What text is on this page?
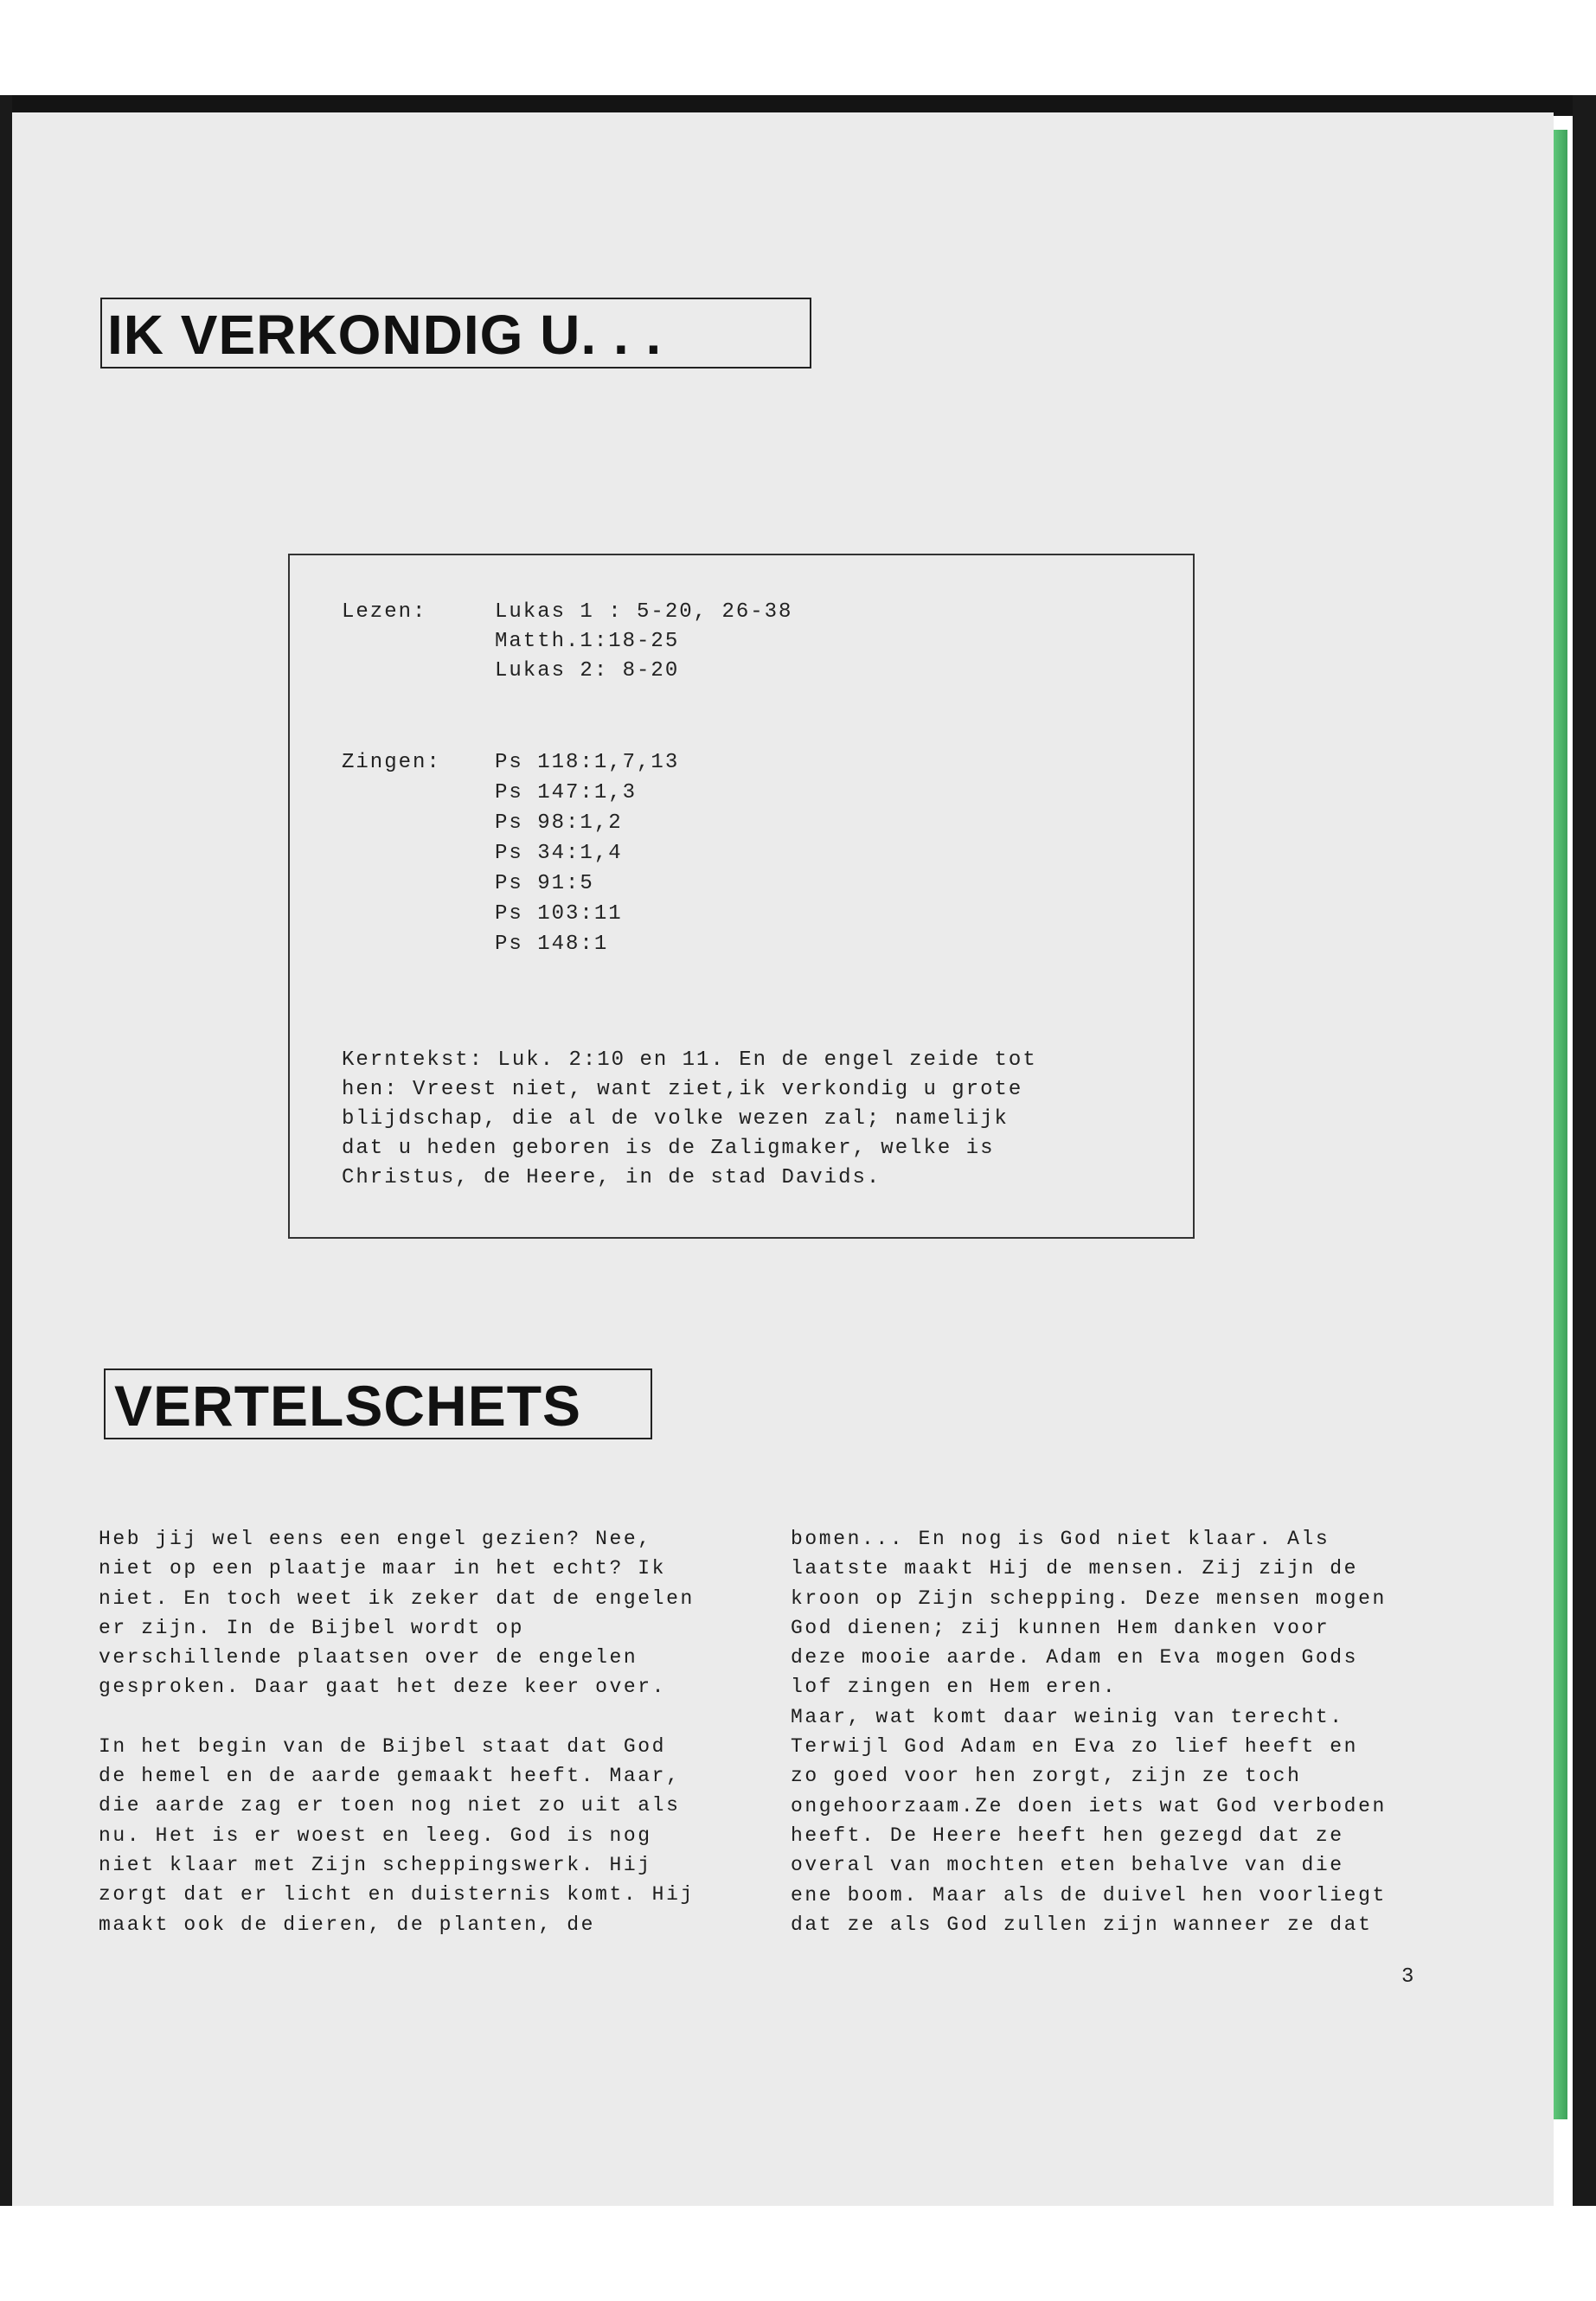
IK VERKONDIG U. . .
Lezen:	Lukas 1 : 5-20, 26-38
Matth.1:18-25
Lukas 2: 8-20
Zingen:	Ps 118:1,7,13
Ps 147:1,3
Ps 98:1,2
Ps 34:1,4
Ps 91:5
Ps 103:11
Ps 148:1
Kerntekst: Luk. 2:10 en 11. En de engel zeide tot
hen: Vreest niet, want ziet,ik verkondig u grote
blijdschap, die al de volke wezen zal; namelijk
dat u heden geboren is de Zaligmaker, welke is
Christus, de Heere, in de stad Davids.
VERTELSCHETS
Heb jij wel eens een engel gezien? Nee,
niet op een plaatje maar in het echt? Ik
niet. En toch weet ik zeker dat de engelen
er zijn. In de Bijbel wordt op
verschillende plaatsen over de engelen
gesproken. Daar gaat het deze keer over.
In het begin van de Bijbel staat dat God
de hemel en de aarde gemaakt heeft. Maar,
die aarde zag er toen nog niet zo uit als
nu. Het is er woest en leeg. God is nog
niet klaar met Zijn scheppingswerk. Hij
zorgt dat er licht en duisternis komt. Hij
maakt ook de dieren, de planten, de
bomen... En nog is God niet klaar. Als
laatste maakt Hij de mensen. Zij zijn de
kroon op Zijn schepping. Deze mensen mogen
God dienen; zij kunnen Hem danken voor
deze mooie aarde. Adam en Eva mogen Gods
lof zingen en Hem eren.
Maar, wat komt daar weinig van terecht.
Terwijl God Adam en Eva zo lief heeft en
zo goed voor hen zorgt, zijn ze toch
ongehoorzaam.Ze doen iets wat God verboden
heeft. De Heere heeft hen gezegd dat ze
overal van mochten eten behalve van die
ene boom. Maar als de duivel hen voorliegt
dat ze als God zullen zijn wanneer ze dat
3
